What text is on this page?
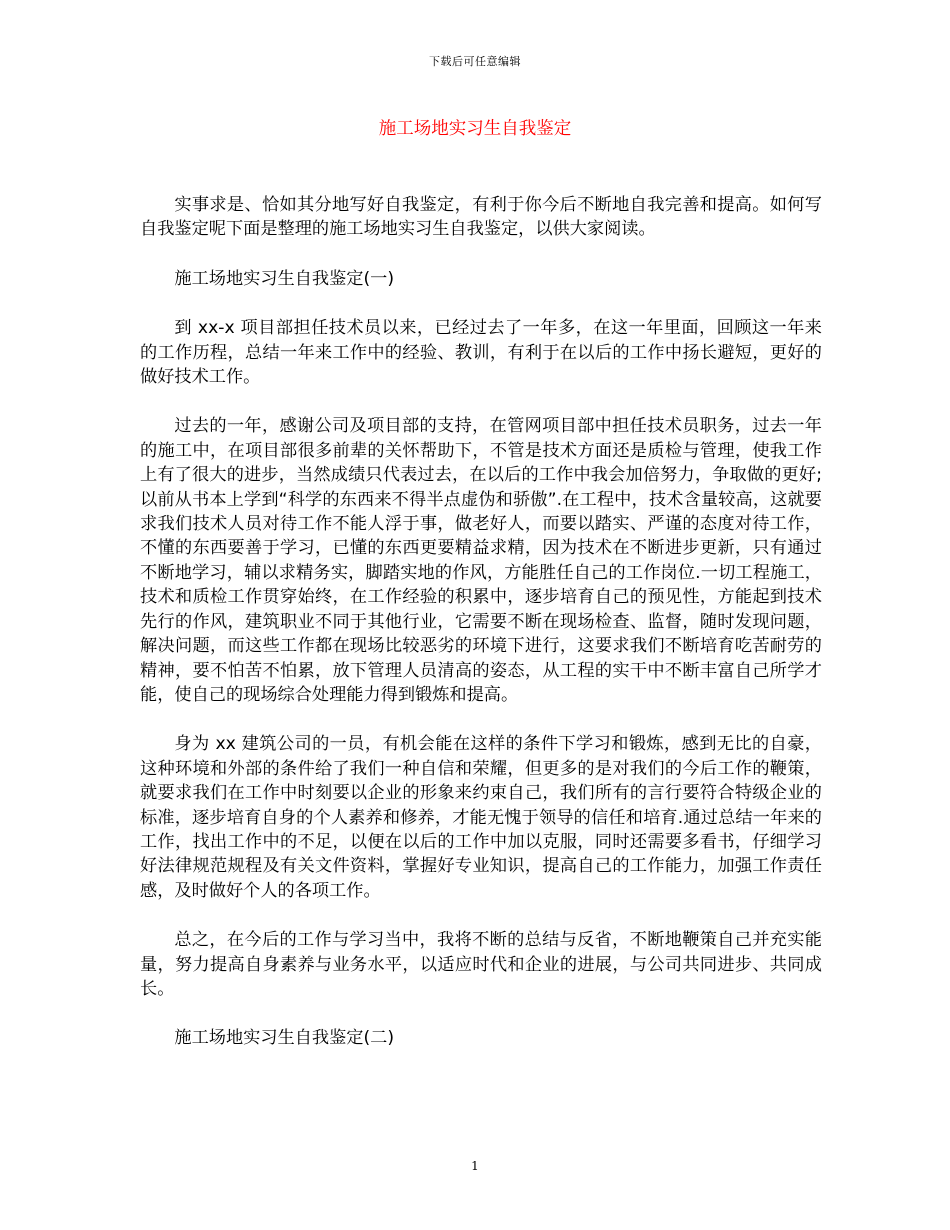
下载后可任意编辑
施工场地实习生自我鉴定

实事求是、恰如其分地写好自我鉴定，有利于你今后不断地自我完善和提高。如何写自我鉴定呢下面是整理的施工场地实习生自我鉴定，以供大家阅读。

施工场地实习生自我鉴定(一)

到 xx-x 项目部担任技术员以来，已经过去了一年多，在这一年里面，回顾这一年来的工作历程，总结一年来工作中的经验、教训，有利于在以后的工作中扬长避短，更好的做好技术工作。

过去的一年，感谢公司及项目部的支持，在管网项目部中担任技术员职务，过去一年的施工中，在项目部很多前辈的关怀帮助下，不管是技术方面还是质检与管理，使我工作上有了很大的进步，当然成绩只代表过去，在以后的工作中我会加倍努力，争取做的更好;以前从书本上学到“科学的东西来不得半点虚伪和骄傲”.在工程中，技术含量较高，这就要求我们技术人员对待工作不能人浮于事，做老好人，而要以踏实、严谨的态度对待工作，不懂的东西要善于学习，已懂的东西更要精益求精，因为技术在不断进步更新，只有通过不断地学习，辅以求精务实，脚踏实地的作风，方能胜任自己的工作岗位.一切工程施工，技术和质检工作贯穿始终，在工作经验的积累中，逐步培育自己的预见性，方能起到技术先行的作风，建筑职业不同于其他行业，它需要不断在现场检查、监督，随时发现问题，解决问题，而这些工作都在现场比较恶劣的环境下进行，这要求我们不断培育吃苦耐劳的精神，要不怕苦不怕累，放下管理人员清高的姿态，从工程的实干中不断丰富自己所学才能，使自己的现场综合处理能力得到锻炼和提高。

身为 xx 建筑公司的一员，有机会能在这样的条件下学习和锻炼，感到无比的自豪，这种环境和外部的条件给了我们一种自信和荣耀，但更多的是对我们的今后工作的鞭策，就要求我们在工作中时刻要以企业的形象来约束自己，我们所有的言行要符合特级企业的标准，逐步培育自身的个人素养和修养，才能无愧于领导的信任和培育.通过总结一年来的工作，找出工作中的不足，以便在以后的工作中加以克服，同时还需要多看书，仔细学习好法律规范规程及有关文件资料，掌握好专业知识，提高自己的工作能力，加强工作责任感，及时做好个人的各项工作。

总之，在今后的工作与学习当中，我将不断的总结与反省，不断地鞭策自己并充实能量，努力提高自身素养与业务水平，以适应时代和企业的进展，与公司共同进步、共同成长。

施工场地实习生自我鉴定(二)

1
